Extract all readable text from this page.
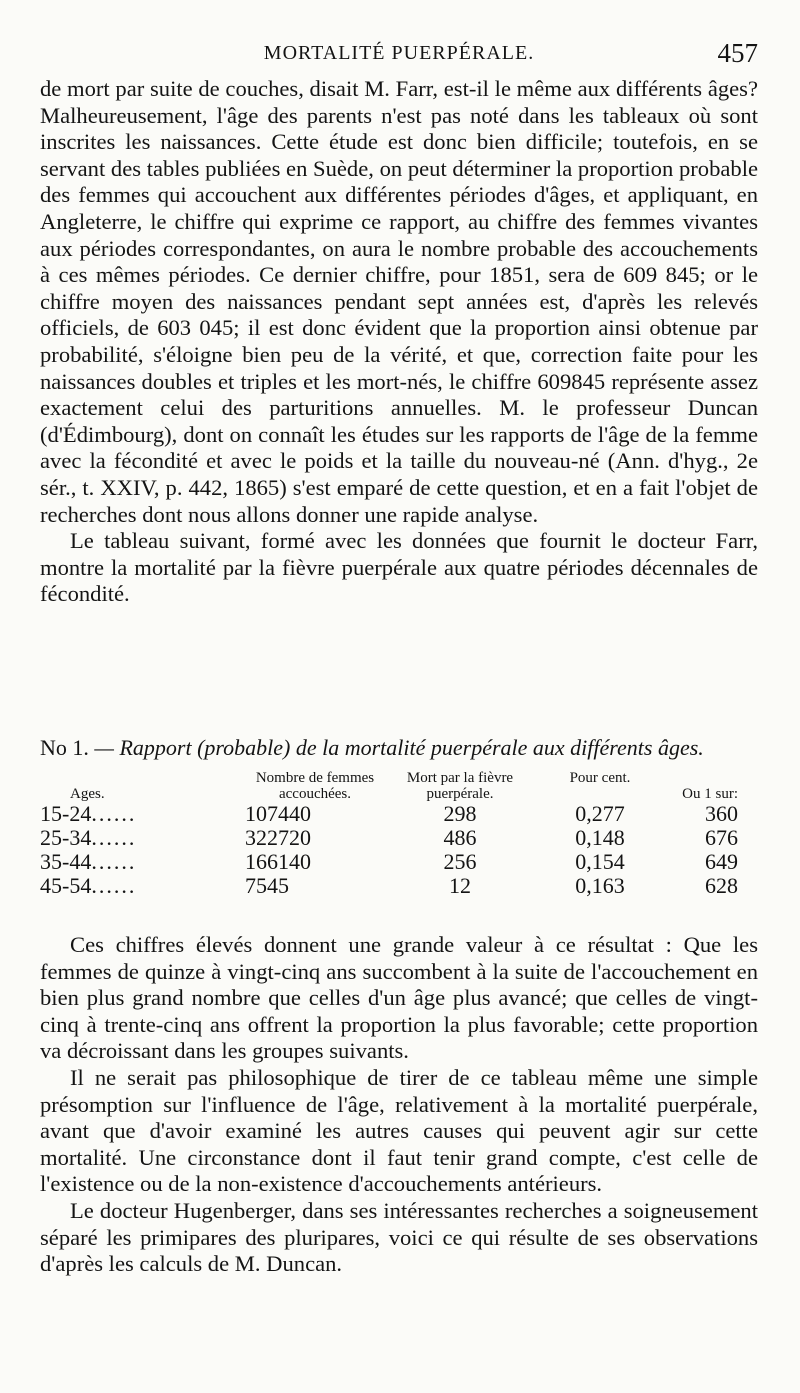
MORTALITÉ PUERPÉRALE.	457

de mort par suite de couches, disait M. Farr, est-il le même aux différents âges? Malheureusement, l'âge des parents n'est pas noté dans les tableaux où sont inscrites les naissances. Cette étude est donc bien difficile; toutefois, en se servant des tables publiées en Suède, on peut déterminer la proportion probable des femmes qui accouchent aux différentes périodes d'âges, et appliquant, en Angleterre, le chiffre qui exprime ce rapport, au chiffre des femmes vivantes aux périodes correspondantes, on aura le nombre probable des accouchements à ces mêmes périodes. Ce dernier chiffre, pour 1851, sera de 609 845; or le chiffre moyen des naissances pendant sept années est, d'après les relevés officiels, de 603 045; il est donc évident que la proportion ainsi obtenue par probabilité, s'éloigne bien peu de la vérité, et que, correction faite pour les naissances doubles et triples et les mort-nés, le chiffre 609845 représente assez exactement celui des parturitions annuelles. M. le professeur Duncan (d'Édimbourg), dont on connaît les études sur les rapports de l'âge de la femme avec la fécondité et avec le poids et la taille du nouveau-né (Ann. d'hyg., 2e sér., t. XXIV, p. 442, 1865) s'est emparé de cette question, et en a fait l'objet de recherches dont nous allons donner une rapide analyse.

Le tableau suivant, formé avec les données que fournit le docteur Farr, montre la mortalité par la fièvre puerpérale aux quatre périodes décennales de fécondité.

No 1. — Rapport (probable) de la mortalité puerpérale aux différents âges.
Ages.	Nombre de femmes accouchées.	Mort par la fièvre puerpérale.	Pour cent.	Ou 1 sur:
15-24......	107440	298	0,277	360
25-34......	322720	486	0,148	676
35-44......	166140	256	0,154	649
45-54......	7545	12	0,163	628

Ces chiffres élevés donnent une grande valeur à ce résultat : Que les femmes de quinze à vingt-cinq ans succombent à la suite de l'accouchement en bien plus grand nombre que celles d'un âge plus avancé; que celles de vingt-cinq à trente-cinq ans offrent la proportion la plus favorable; cette proportion va décroissant dans les groupes suivants.

Il ne serait pas philosophique de tirer de ce tableau même une simple présomption sur l'influence de l'âge, relativement à la mortalité puerpérale, avant que d'avoir examiné les autres causes qui peuvent agir sur cette mortalité. Une circonstance dont il faut tenir grand compte, c'est celle de l'existence ou de la non-existence d'accouchements antérieurs.

Le docteur Hugenberger, dans ses intéressantes recherches a soigneusement séparé les primipares des pluripares, voici ce qui résulte de ses observations d'après les calculs de M. Duncan.
